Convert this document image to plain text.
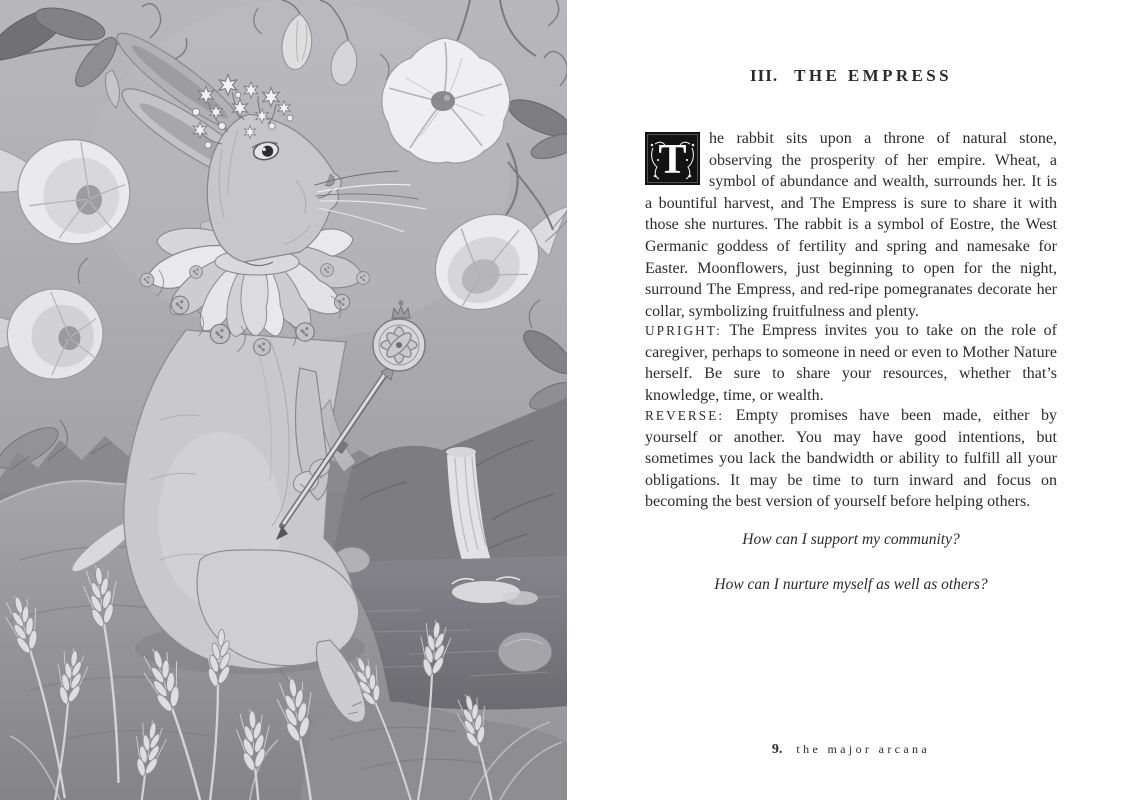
III. THE EMPRESS

T he rabbit sits upon a throne of natural stone, observing the prosperity of her empire. Wheat, a symbol of abundance and wealth, surrounds her. It is a bountiful harvest, and The Empress is sure to share it with those she nurtures. The rabbit is a symbol of Eostre, the West Germanic goddess of fertility and spring and namesake for Easter. Moonflowers, just beginning to open for the night, surround The Empress, and red-ripe pomegranates decorate her collar, symbolizing fruitfulness and plenty.

UPRIGHT: The Empress invites you to take on the role of caregiver, perhaps to someone in need or even to Mother Nature herself. Be sure to share your resources, whether that’s knowledge, time, or wealth.

REVERSE: Empty promises have been made, either by yourself or another. You may have good intentions, but sometimes you lack the bandwidth or ability to fulfill all your obligations. It may be time to turn inward and focus on becoming the best version of yourself before helping others.

How can I support my community?

How can I nurture myself as well as others?

9. the major arcana
